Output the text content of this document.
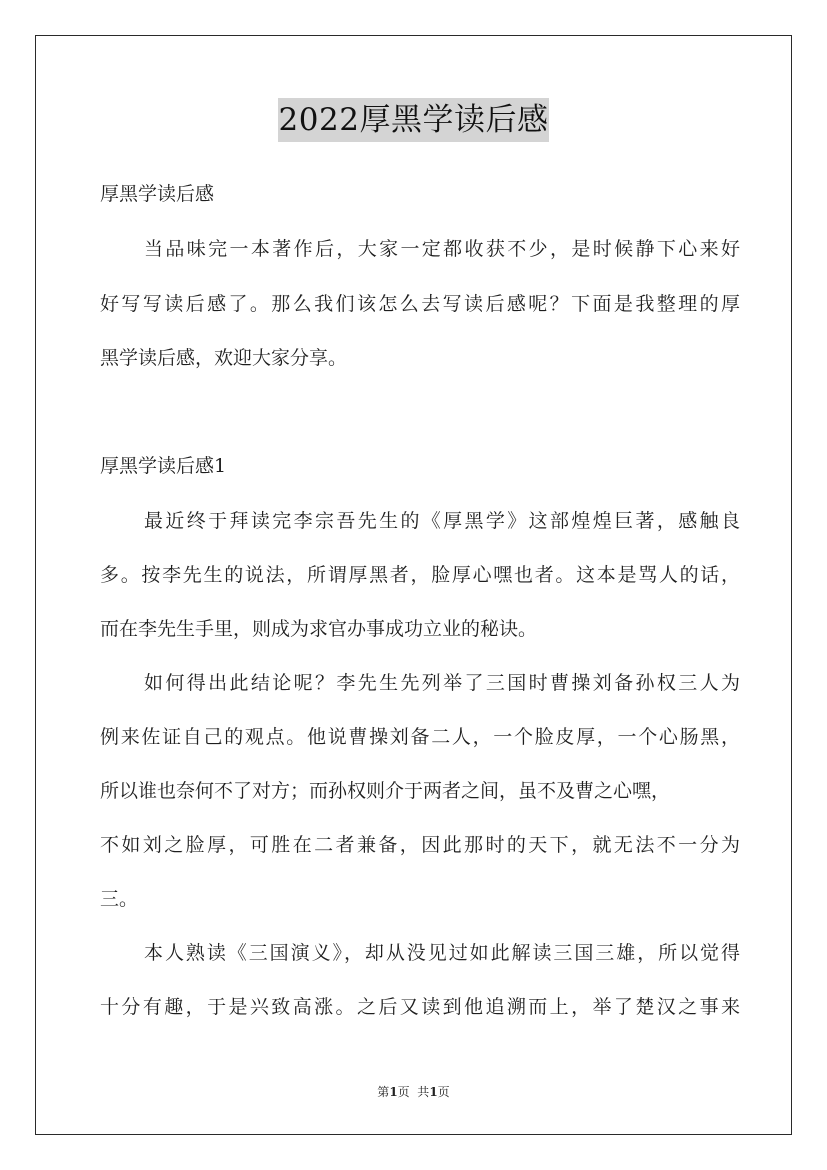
2022厚黑学读后感
厚黑学读后感
当品味完一本著作后，大家一定都收获不少，是时候静下心来好
好写写读后感了。那么我们该怎么去写读后感呢？下面是我整理的厚
黑学读后感，欢迎大家分享。
厚黑学读后感1
最近终于拜读完李宗吾先生的《厚黑学》这部煌煌巨著，感触良
多。按李先生的说法，所谓厚黑者，脸厚心嘿也者。这本是骂人的话，
而在李先生手里，则成为求官办事成功立业的秘诀。
如何得出此结论呢？李先生先列举了三国时曹操刘备孙权三人为
例来佐证自己的观点。他说曹操刘备二人，一个脸皮厚，一个心肠黑，
所以谁也奈何不了对方；而孙权则介于两者之间，虽不及曹之心嘿，
不如刘之脸厚，可胜在二者兼备，因此那时的天下，就无法不一分为
三。
本人熟读《三国演义》，却从没见过如此解读三国三雄，所以觉得
十分有趣，于是兴致高涨。之后又读到他追溯而上，举了楚汉之事来
第1页  共1页
